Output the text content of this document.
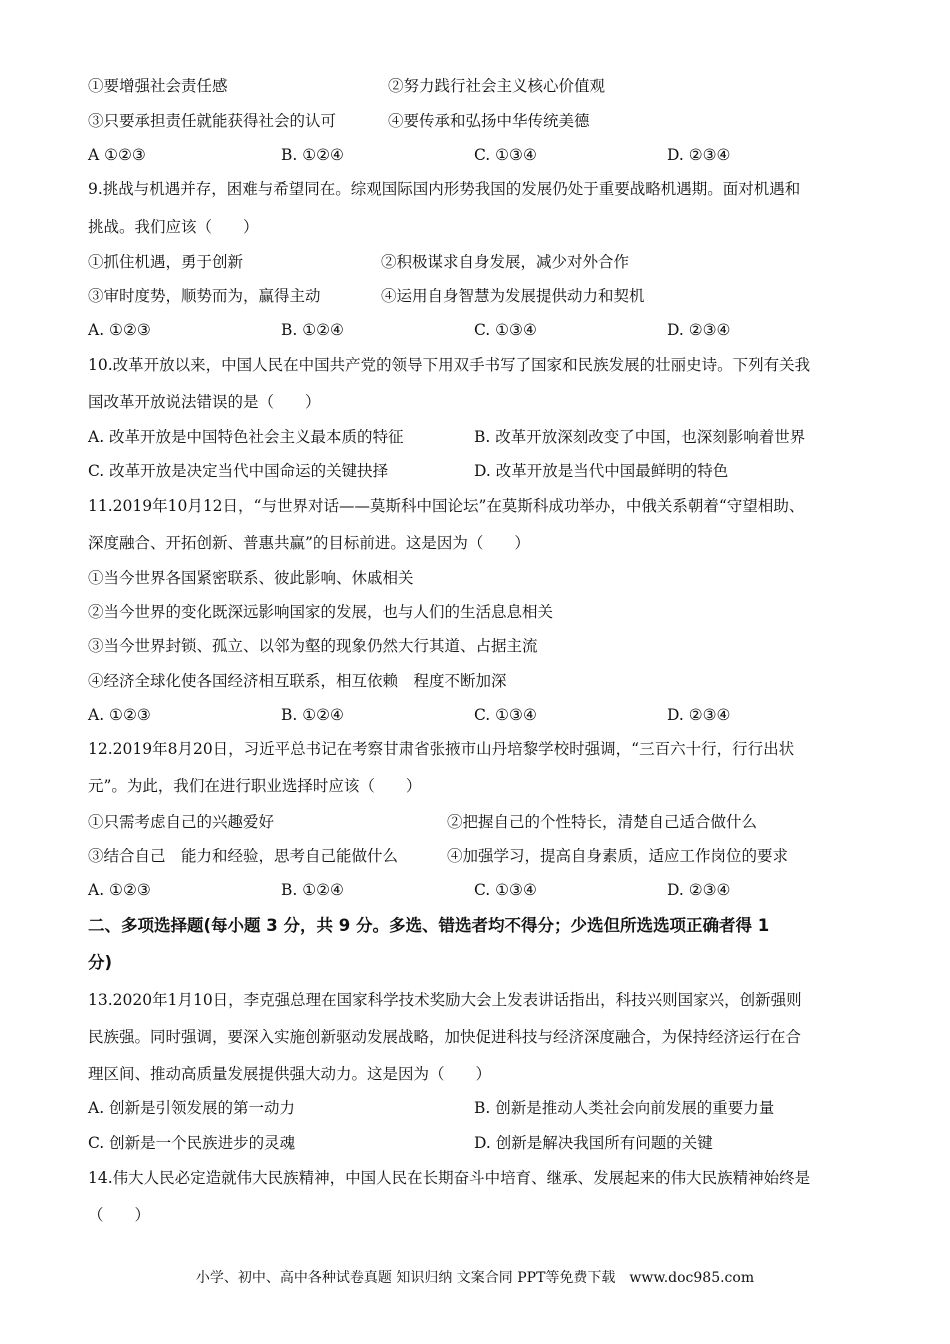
①要增强社会责任感	②努力践行社会主义核心价值观
③只要承担责任就能获得社会的认可	④要传承和弘扬中华传统美德
A ①②③	B. ①②④	C. ①③④	D. ②③④
9.挑战与机遇并存，困难与希望同在。综观国际国内形势我国的发展仍处于重要战略机遇期。面对机遇和
挑战。我们应该（　　）
①抓住机遇，勇于创新	②积极谋求自身发展，减少对外合作
③审时度势，顺势而为，赢得主动	④运用自身智慧为发展提供动力和契机
A. ①②③	B. ①②④	C. ①③④	D. ②③④
10.改革开放以来，中国人民在中国共产党的领导下用双手书写了国家和民族发展的壮丽史诗。下列有关我
国改革开放说法错误的是（　　）
A. 改革开放是中国特色社会主义最本质的特征	B. 改革开放深刻改变了中国，也深刻影响着世界
C. 改革开放是决定当代中国命运的关键抉择	D. 改革开放是当代中国最鲜明的特色
11.2019年10月12日，“与世界对话——莫斯科中国论坛”在莫斯科成功举办，中俄关系朝着“守望相助、
深度融合、开拓创新、普惠共赢”的目标前进。这是因为（　　）
①当今世界各国紧密联系、彼此影响、休戚相关
②当今世界的变化既深远影响国家的发展，也与人们的生活息息相关
③当今世界封锁、孤立、以邻为壑的现象仍然大行其道、占据主流
④经济全球化使各国经济相互联系，相互依赖　程度不断加深
A. ①②③	B. ①②④	C. ①③④	D. ②③④
12.2019年8月20日，习近平总书记在考察甘肃省张掖市山丹培黎学校时强调，“三百六十行，行行出状
元”。为此，我们在进行职业选择时应该（　　）
①只需考虑自己的兴趣爱好	②把握自己的个性特长，清楚自己适合做什么
③结合自己　能力和经验，思考自己能做什么	④加强学习，提高自身素质，适应工作岗位的要求
A. ①②③	B. ①②④	C. ①③④	D. ②③④
二、多项选择题(每小题 3 分，共 9 分。多选、错选者均不得分；少选但所选选项正确者得 1
分)
13.2020年1月10日，李克强总理在国家科学技术奖励大会上发表讲话指出，科技兴则国家兴，创新强则
民族强。同时强调，要深入实施创新驱动发展战略，加快促进科技与经济深度融合，为保持经济运行在合
理区间、推动高质量发展提供强大动力。这是因为（　　）
A. 创新是引领发展的第一动力	B. 创新是推动人类社会向前发展的重要力量
C. 创新是一个民族进步的灵魂	D. 创新是解决我国所有问题的关键
14.伟大人民必定造就伟大民族精神，中国人民在长期奋斗中培育、继承、发展起来的伟大民族精神始终是
（　　）
小学、初中、高中各种试卷真题 知识归纳 文案合同 PPT等免费下载　www.doc985.com
